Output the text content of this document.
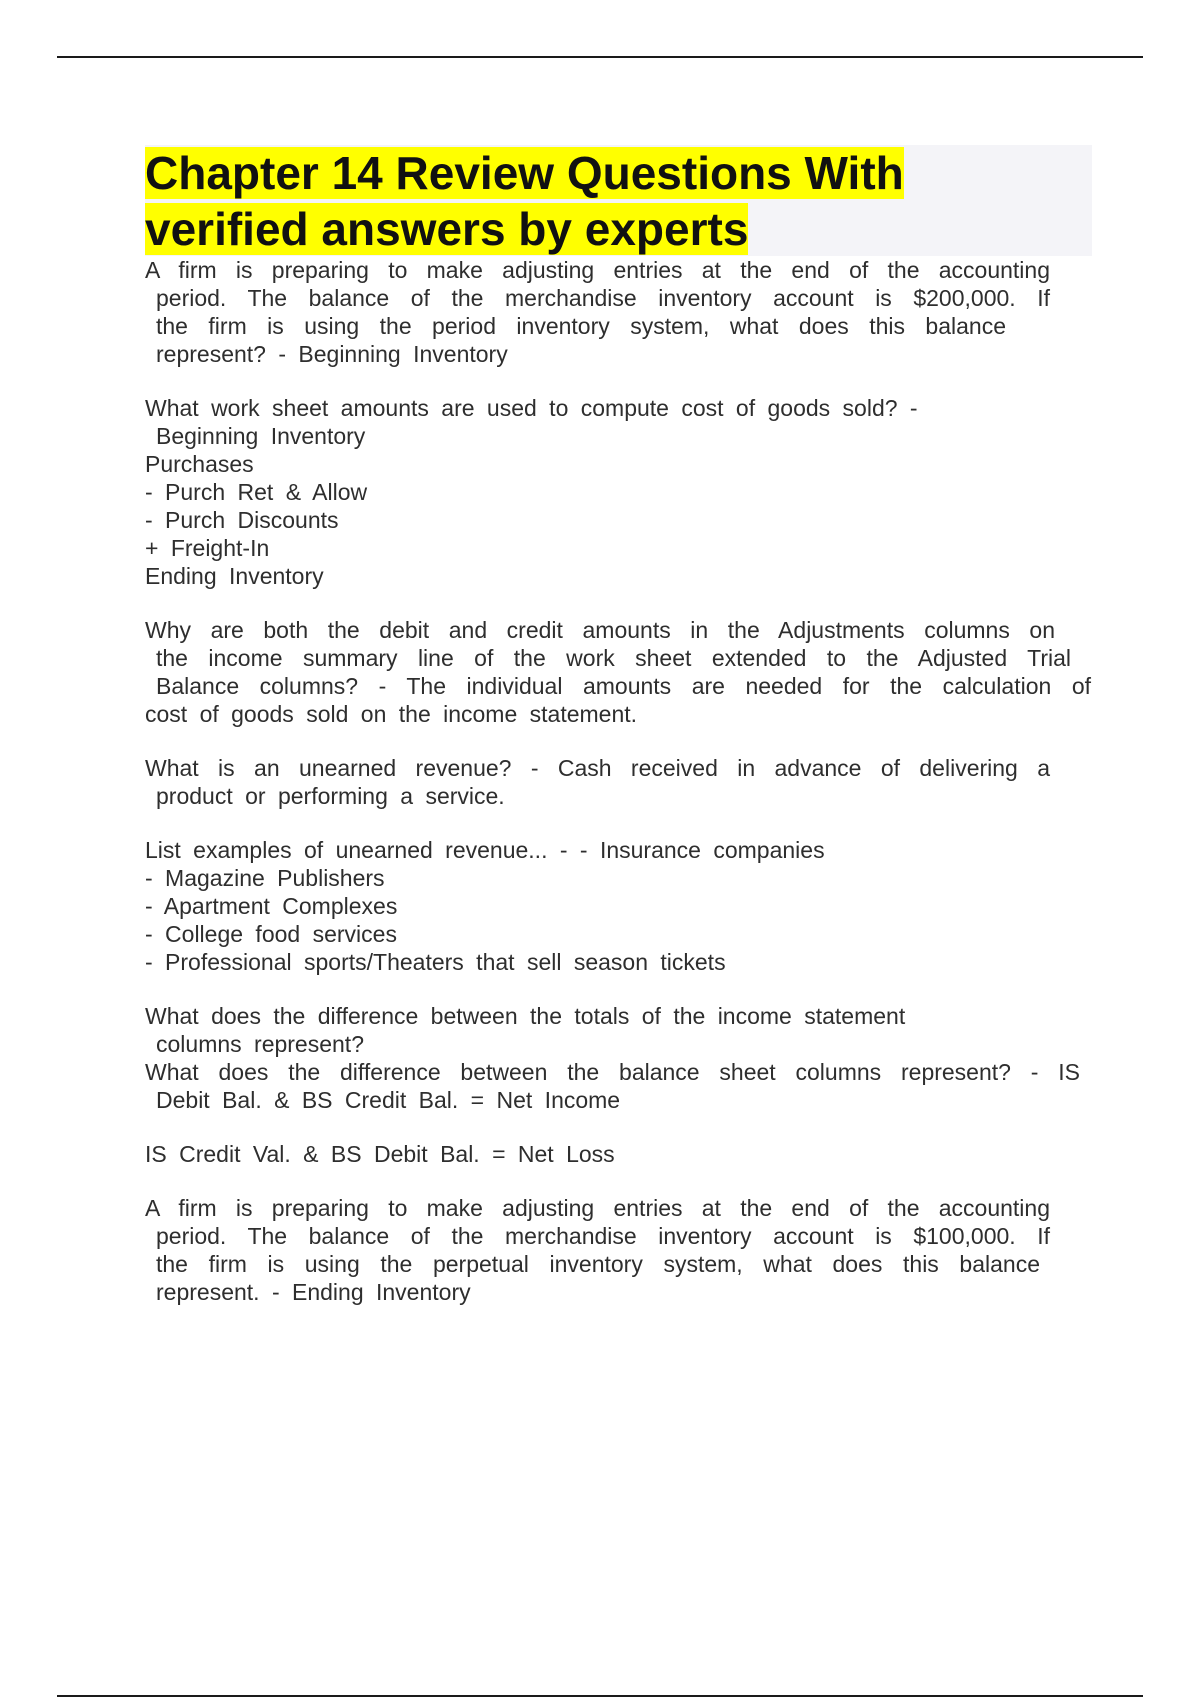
Chapter 14 Review Questions With
verified answers by experts

A firm is preparing to make adjusting entries at the end of the accounting

period. The balance of the merchandise inventory account is $200,000. If

the firm is using the period inventory system, what does this balance

represent? - Beginning Inventory

What work sheet amounts are used to compute cost of goods sold? -

Beginning Inventory

Purchases

- Purch Ret & Allow

- Purch Discounts

+ Freight-In

Ending Inventory

Why are both the debit and credit amounts in the Adjustments columns on

the income summary line of the work sheet extended to the Adjusted Trial

Balance columns? - The individual amounts are needed for the calculation of

cost of goods sold on the income statement.

What is an unearned revenue? - Cash received in advance of delivering a

product or performing a service.

List examples of unearned revenue... - - Insurance companies

- Magazine Publishers

- Apartment Complexes

- College food services

- Professional sports/Theaters that sell season tickets

What does the difference between the totals of the income statement

columns represent?

What does the difference between the balance sheet columns represent? - IS

Debit Bal. & BS Credit Bal. = Net Income

IS Credit Val. & BS Debit Bal. = Net Loss

A firm is preparing to make adjusting entries at the end of the accounting

period. The balance of the merchandise inventory account is $100,000. If

the firm is using the perpetual inventory system, what does this balance

represent. - Ending Inventory
